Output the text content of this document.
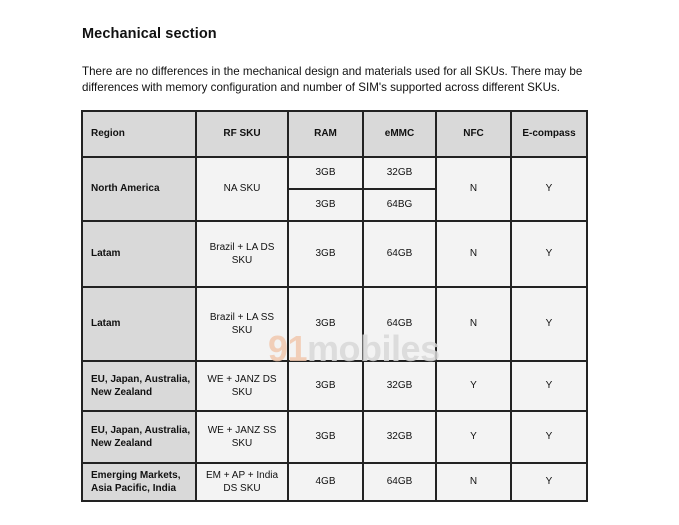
Mechanical section
There are no differences in the mechanical design and materials used for all SKUs. There may be differences with memory configuration and number of SIM's supported across different SKUs.
Region	RF SKU	RAM	eMMC	NFC	E-compass
North America	NA SKU	3GB	32GB	N	Y
		3GB	64BG		
Latam	Brazil + LA DS SKU	3GB	64GB	N	Y
Latam	Brazil + LA SS SKU	3GB	64GB	N	Y
EU, Japan, Australia, New Zealand	WE + JANZ DS SKU	3GB	32GB	Y	Y
EU, Japan, Australia, New Zealand	WE + JANZ SS SKU	3GB	32GB	Y	Y
Emerging Markets, Asia Pacific, India	EM + AP + India DS SKU	4GB	64GB	N	Y
91mobiles
